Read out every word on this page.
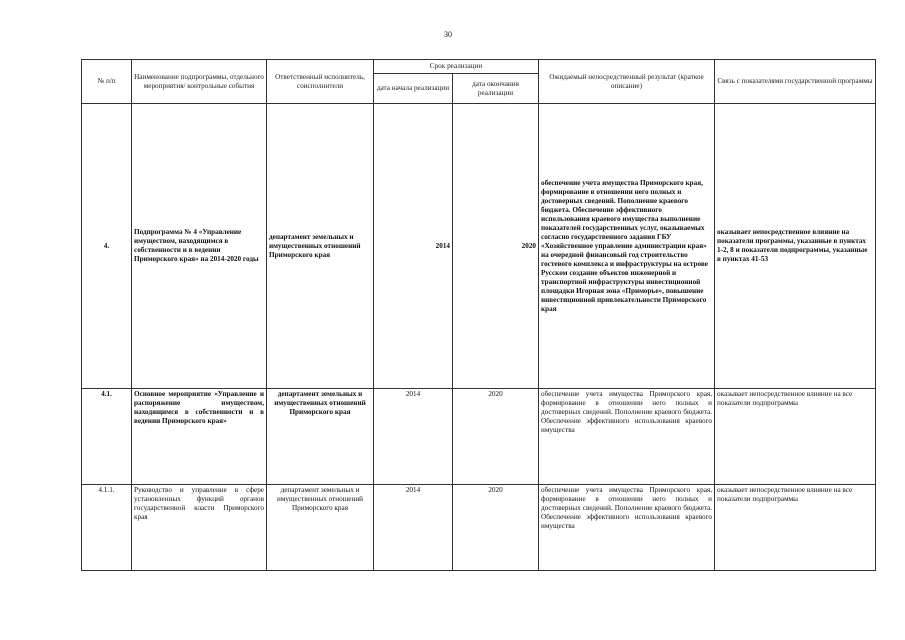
30
№ п/п	Наименование подпрограммы, отдельного мероприятия/ контрольные события	Ответственный исполнитель, соисполнители	Срок реализации		Ожидаемый непосредственный результат (краткое описание)	Связь с показателями государственной программы
			дата начала реализации	дата окончания реализации		
4.	Подпрограмма № 4 «Управление имуществом, находящимся в собственности и в ведении Приморского края» на 2014-2020 годы	департамент земельных и имущественных отношений Приморского края	2014	2020	обеспечение учета имущества Приморского края, формирование в отношении него полных и достоверных сведений. Пополнение краевого бюджета. Обеспечение эффективного использования краевого имущества выполнение показателей государственных услуг, оказываемых согласно государственного задания ГБУ «Хозяйственное управление администрации края» на очередной финансовый год строительство гостевого комплекса и инфраструктуры на острове Русском создание объектов инженерной и транспортной инфраструктуры инвестиционной площадки Игорная зона «Приморье», повышение инвестиционной привлекательности Приморского края	оказывает непосредственное влияние на показатели программы, указанные в пунктах 1-2, 8 и показатели подпрограммы, указанные в пунктах 41-53
4.1.	Основное мероприятие «Управление и распоряжение имуществом, находящимся в собственности и в ведении Приморского края»	департамент земельных и имущественных отношений Приморского края	2014	2020	обеспечение учета имущества Приморского края, формирование в отношении него полных и достоверных сведений. Пополнение краевого бюджета. Обеспечение эффективного использования краевого имущества	оказывает непосредственное влияние на все показатели подпрограммы
4.1.1.	Руководство и управление в сфере установленных функций органов государственной власти Приморского края	департамент земельных и имущественных отношений Приморского края	2014	2020	обеспечение учета имущества Приморского края, формирование в отношении него полных и достоверных сведений. Пополнение краевого бюджета. Обеспечение эффективного использования краевого имущества	оказывает непосредственное влияние на все показатели подпрограммы
